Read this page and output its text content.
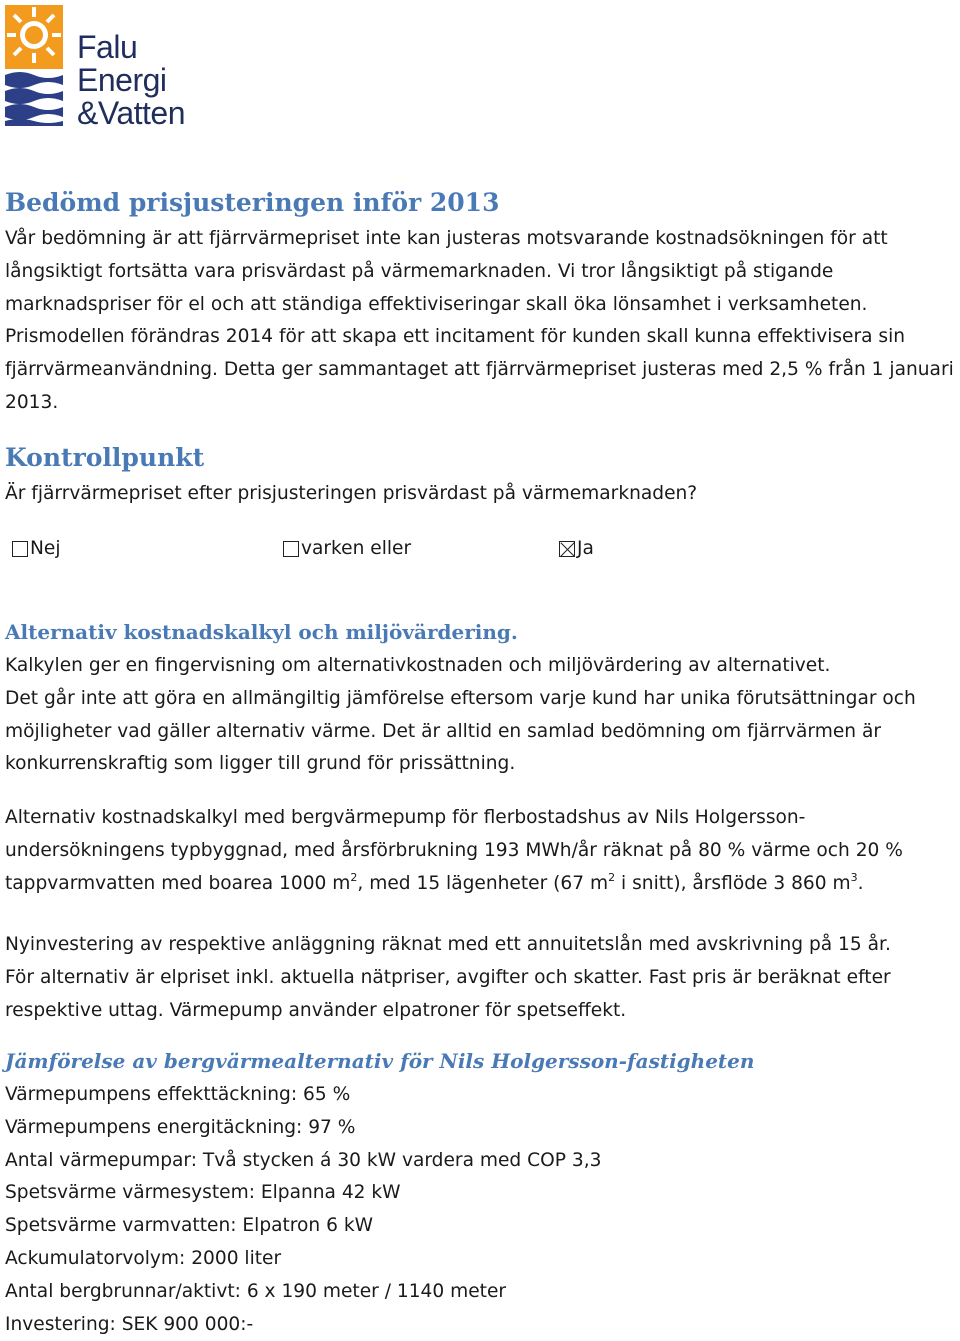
Falu
Energi
&Vatten
Bedömd prisjusteringen inför 2013
Vår bedömning är att fjärrvärmepriset inte kan justeras motsvarande kostnadsökningen för att
långsiktigt fortsätta vara prisvärdast på värmemarknaden. Vi tror långsiktigt på stigande
marknadspriser för el och att ständiga effektiviseringar skall öka lönsamhet i verksamheten.
Prismodellen förändras 2014 för att skapa ett incitament för kunden skall kunna effektivisera sin
fjärrvärmeanvändning. Detta ger sammantaget att fjärrvärmepriset justeras med 2,5 % från 1 januari
2013.
Kontrollpunkt
Är fjärrvärmepriset efter prisjusteringen prisvärdast på värmemarknaden?
Nej	varken eller	Ja
Alternativ kostnadskalkyl och miljövärdering.
Kalkylen ger en fingervisning om alternativkostnaden och miljövärdering av alternativet.
Det går inte att göra en allmängiltig jämförelse eftersom varje kund har unika förutsättningar och
möjligheter vad gäller alternativ värme. Det är alltid en samlad bedömning om fjärrvärmen är
konkurrenskraftig som ligger till grund för prissättning.
Alternativ kostnadskalkyl med bergvärmepump för flerbostadshus av Nils Holgersson-
undersökningens typbyggnad, med årsförbrukning 193 MWh/år räknat på 80 % värme och 20 %
tappvarmvatten med boarea 1000 $m^2$, med 15 lägenheter (67 $m^2$ i snitt), årsflöde 3 860 $m^3$.
Nyinvestering av respektive anläggning räknat med ett annuitetslån med avskrivning på 15 år.
För alternativ är elpriset inkl. aktuella nätpriser, avgifter och skatter. Fast pris är beräknat efter
respektive uttag. Värmepump använder elpatroner för spetseffekt.
Jämförelse av bergvärmealternativ för Nils Holgersson-fastigheten
Värmepumpens effekttäckning: 65 %
Värmepumpens energitäckning: 97 %
Antal värmepumpar: Två stycken á 30 kW vardera med COP 3,3
Spetsvärme värmesystem: Elpanna 42 kW
Spetsvärme varmvatten: Elpatron 6 kW
Ackumulatorvolym: 2000 liter
Antal bergbrunnar/aktivt: 6 x 190 meter / 1140 meter
Investering: SEK 900 000:-
